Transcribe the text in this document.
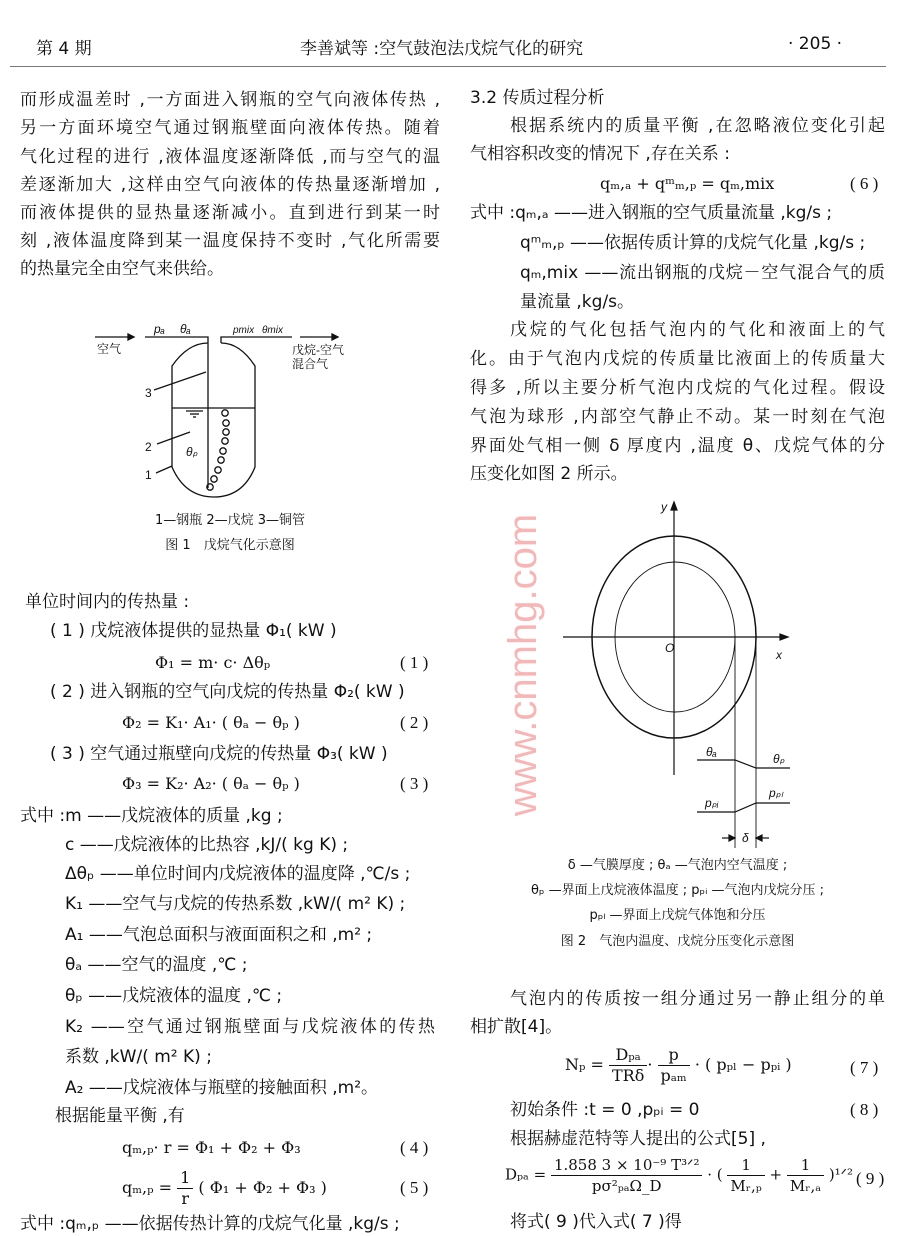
第 4 期	李善斌等 :空气鼓泡法戊烷气化的研究	· 205 ·
而形成温差时 ,一方面进入钢瓶的空气向液体传热 ,
另一方面环境空气通过钢瓶壁面向液体传热。随着
气化过程的进行 ,液体温度逐渐降低 ,而与空气的温
差逐渐加大 ,这样由空气向液体的传热量逐渐增加 ,
而液体提供的显热量逐渐减小。直到进行到某一时
刻 ,液体温度降到某一温度保持不变时 ,气化所需要
的热量完全由空气来供给。
空气
pₐ θₐ	pmix θmix
戊烷-空气
混合气
3
2
1
θₚ
1—钢瓶 2—戊烷 3—铜管
图 1　戊烷气化示意图
单位时间内的传热量 :
( 1 ) 戊烷液体提供的显热量 Φ₁( kW )
Φ₁ = m· c· Δθₚ	( 1 )
( 2 ) 进入钢瓶的空气向戊烷的传热量 Φ₂( kW )
Φ₂ = K₁· A₁· ( θₐ − θₚ )	( 2 )
( 3 ) 空气通过瓶壁向戊烷的传热量 Φ₃( kW )
Φ₃ = K₂· A₂· ( θₐ − θₚ )	( 3 )
式中 :m ——戊烷液体的质量 ,kg ;
c ——戊烷液体的比热容 ,kJ/( kg K) ;
Δθₚ ——单位时间内戊烷液体的温度降 ,℃/s ;
K₁ ——空气与戊烷的传热系数 ,kW/( m² K) ;
A₁ ——气泡总面积与液面面积之和 ,m² ;
θₐ ——空气的温度 ,℃ ;
θₚ ——戊烷液体的温度 ,℃ ;
K₂ ——空气通过钢瓶壁面与戊烷液体的传热
系数 ,kW/( m² K) ;
A₂ ——戊烷液体与瓶壁的接触面积 ,m²。
根据能量平衡 ,有
qₘ,ₚ· r = Φ₁ + Φ₂ + Φ₃	( 4 )
$q_m,_p = \frac{1}{r}$ ( Φ₁ + Φ₂ + Φ₃ )	( 5 )
式中 :qₘ,ₚ ——依据传热计算的戊烷气化量 ,kg/s ;
3.2 传质过程分析
根据系统内的质量平衡 ,在忽略液位变化引起
气相容积改变的情况下 ,存在关系 :
qₘ,ₐ + qᵐₘ,ₚ = qₘ,mix	( 6 )
式中 :qₘ,ₐ ——进入钢瓶的空气质量流量 ,kg/s ;
qᵐₘ,ₚ ——依据传质计算的戊烷气化量 ,kg/s ;
qₘ,mix ——流出钢瓶的戊烷－空气混合气的质
量流量 ,kg/s。
戊烷的气化包括气泡内的气化和液面上的气
化。由于气泡内戊烷的传质量比液面上的传质量大
得多 ,所以主要分析气泡内戊烷的气化过程。假设
气泡为球形 ,内部空气静止不动。某一时刻在气泡
界面处气相一侧 δ 厚度内 ,温度 θ、戊烷气体的分
压变化如图 2 所示。
y
x
O
θₐ	θₚ
pₚᵢ
pₚₗ
δ
δ —气膜厚度 ; θₐ —气泡内空气温度 ;
θₚ —界面上戊烷液体温度 ; pₚᵢ —气泡内戊烷分压 ;
pₚₗ —界面上戊烷气体饱和分压
图 2　气泡内温度、戊烷分压变化示意图
气泡内的传质按一组分通过另一静止组分的单
相扩散[4]。
$N_p = \frac{\text{Dₚₐ}}{\text{TRδ}} \cdot \frac{p}{\text{pₐₘ}}$ · ( pₚₗ − pₚᵢ )	( 7 )
初始条件 :t = 0 ,pₚᵢ = 0	( 8 )
根据赫虚范特等人提出的公式[5] ,
$D_{pa} = \frac{\text{1.858 3 × 10⁻⁹ T³ᐟ²}}{\text{pσ²ₚₐΩ\_D}}$ · ( $\frac{1}{\text{Mᵣ,ₚ}} + \frac{1}{\text{Mᵣ,ₐ}}$ )¹ᐟ² ( 9 )
将式( 9 )代入式( 7 )得
www.cnmhg.com
